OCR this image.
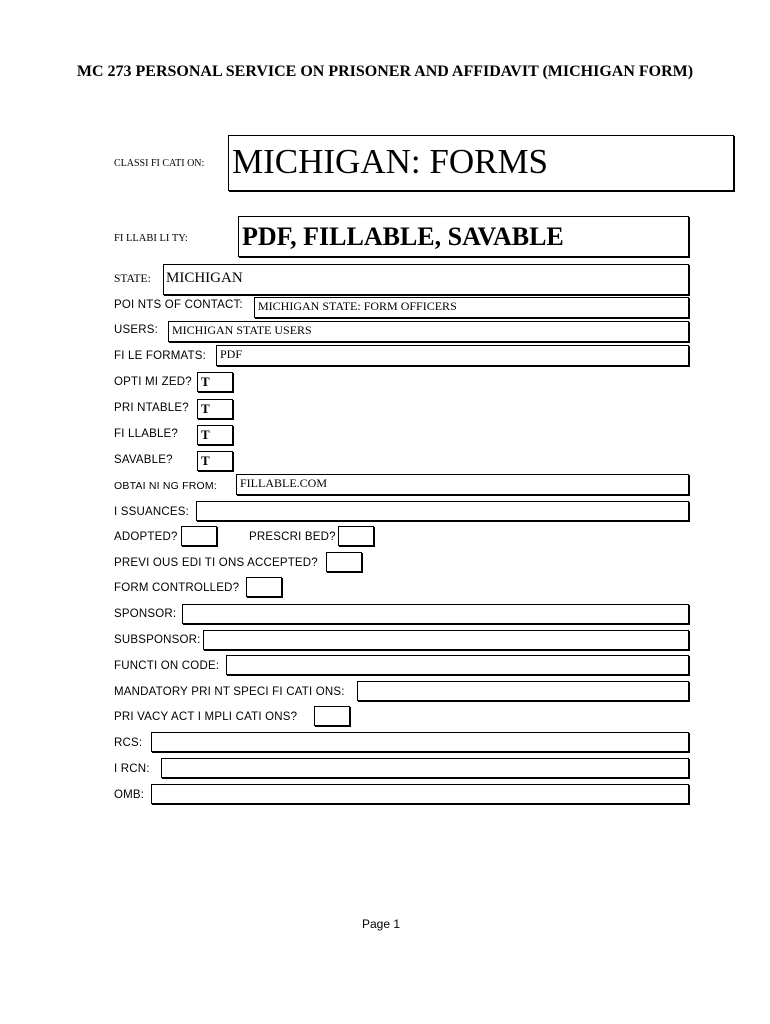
MC 273 PERSONAL SERVICE ON PRISONER AND AFFIDAVIT (MICHIGAN FORM)
CLASSI FI CATI ON: MICHIGAN: FORMS
FI LLABI LI TY: PDF, FILLABLE, SAVABLE
STATE: MICHIGAN
POI NTS OF CONTACT: MICHIGAN STATE: FORM OFFICERS
USERS: MICHIGAN STATE USERS
FI LE FORMATS: PDF
OPTI MI ZED? T
PRI NTABLE? T
FI LLABLE? T
SAVABLE? T
OBTAI NI NG FROM: FILLABLE.COM
I SSUANCES:
ADOPTED?	PRESCRI BED?
PREVI OUS EDI TI ONS ACCEPTED?
FORM CONTROLLED?
SPONSOR:
SUBSPONSOR:
FUNCTI ON CODE:
MANDATORY PRI NT SPECI FI CATI ONS:
PRI VACY ACT I MPLI CATI ONS?
RCS:
I RCN:
OMB:
Page 1
